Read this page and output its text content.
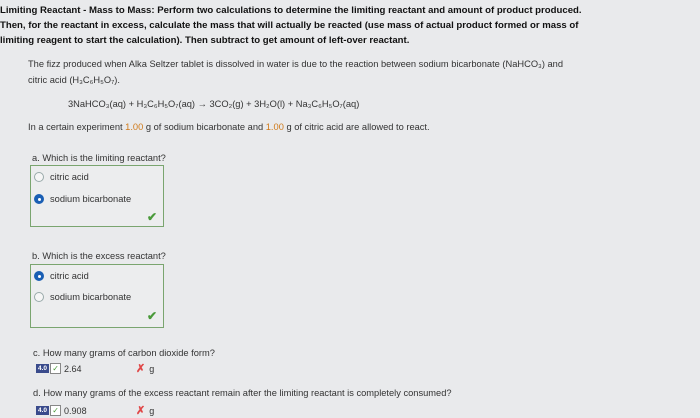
Limiting Reactant - Mass to Mass: Perform two calculations to determine the limiting reactant and amount of product produced.
Then, for the reactant in excess, calculate the mass that will actually be reacted (use mass of actual product formed or mass of
limiting reagent to start the calculation). Then subtract to get amount of left-over reactant.
The fizz produced when Alka Seltzer tablet is dissolved in water is due to the reaction between sodium bicarbonate (NaHCO₃) and
citric acid (H₃C₆H₅O₇).
3NaHCO₃(aq) + H₃C₆H₅O₇(aq) → 3CO₂(g) + 3H₂O(l) + Na₃C₆H₅O₇(aq)
In a certain experiment 1.00 g of sodium bicarbonate and 1.00 g of citric acid are allowed to react.
a. Which is the limiting reactant?
citric acid
sodium bicarbonate
✔
b. Which is the excess reactant?
citric acid
sodium bicarbonate
✔
c. How many grams of carbon dioxide form?
4.0 ✓ 2.64	✗ g
d. How many grams of the excess reactant remain after the limiting reactant is completely consumed?
4.0 ✓ 0.908	✗ g
